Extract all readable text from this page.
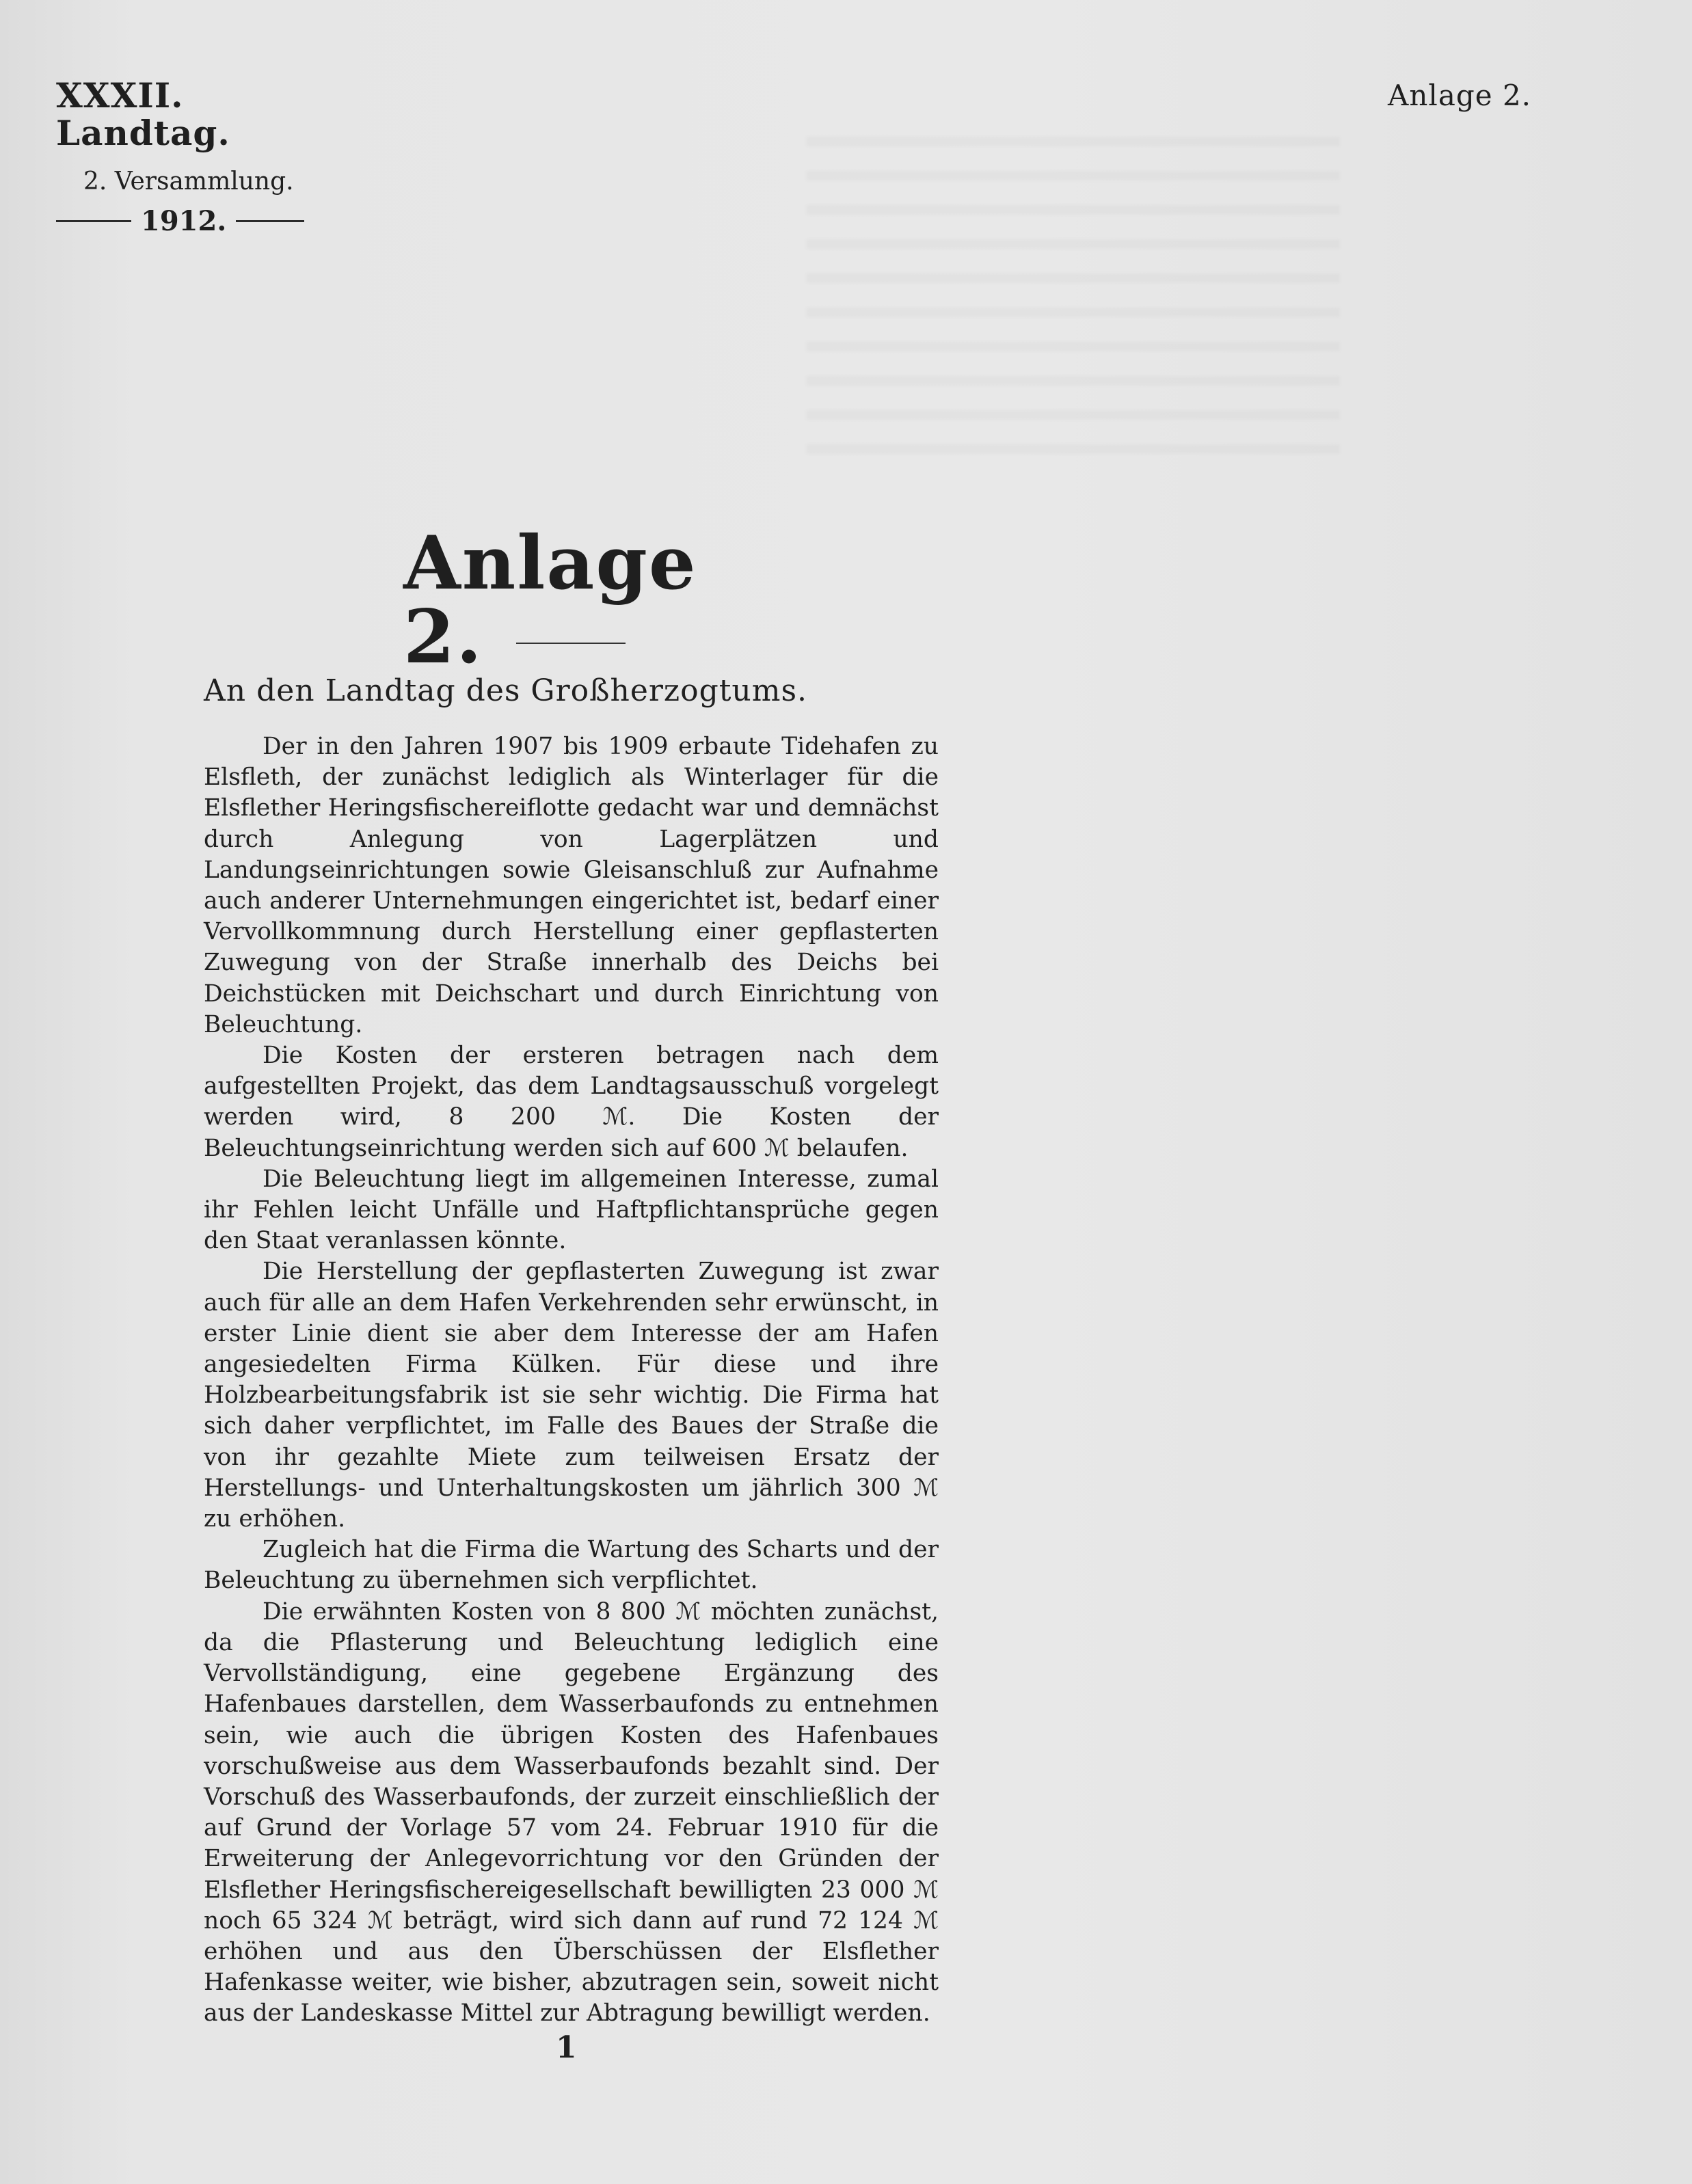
XXXII. Landtag.
2. Versammlung.
1912.
Anlage 2.
Anlage 2.
An den Landtag des Großherzogtums.

Der in den Jahren 1907 bis 1909 erbaute Tidehafen zu Elsfleth, der zunächst lediglich als Winterlager für die Elsflether Heringsfischereiflotte gedacht war und demnächst durch Anlegung von Lagerplätzen und Landungseinrichtungen sowie Gleisanschluß zur Aufnahme auch anderer Unternehmungen eingerichtet ist, bedarf einer Vervollkommnung durch Herstellung einer gepflasterten Zuwegung von der Straße innerhalb des Deichs bei Deichstücken mit Deichschart und durch Einrichtung von Beleuchtung.

Die Kosten der ersteren betragen nach dem aufgestellten Projekt, das dem Landtagsausschuß vorgelegt werden wird, 8 200 ℳ. Die Kosten der Beleuchtungseinrichtung werden sich auf 600 ℳ belaufen.

Die Beleuchtung liegt im allgemeinen Interesse, zumal ihr Fehlen leicht Unfälle und Haftpflichtansprüche gegen den Staat veranlassen könnte.

Die Herstellung der gepflasterten Zuwegung ist zwar auch für alle an dem Hafen Verkehrenden sehr erwünscht, in erster Linie dient sie aber dem Interesse der am Hafen angesiedelten Firma Külken. Für diese und ihre Holzbearbeitungsfabrik ist sie sehr wichtig. Die Firma hat sich daher verpflichtet, im Falle des Baues der Straße die von ihr gezahlte Miete zum teilweisen Ersatz der Herstellungs- und Unterhaltungskosten um jährlich 300 ℳ zu erhöhen.

Zugleich hat die Firma die Wartung des Scharts und der Beleuchtung zu übernehmen sich verpflichtet.

Die erwähnten Kosten von 8 800 ℳ möchten zunächst, da die Pflasterung und Beleuchtung lediglich eine Vervollständigung, eine gegebene Ergänzung des Hafenbaues darstellen, dem Wasserbaufonds zu entnehmen sein, wie auch die übrigen Kosten des Hafenbaues vorschußweise aus dem Wasserbaufonds bezahlt sind. Der Vorschuß des Wasserbaufonds, der zurzeit einschließlich der auf Grund der Vorlage 57 vom 24. Februar 1910 für die Erweiterung der Anlegevorrichtung vor den Gründen der Elsflether Heringsfischereigesellschaft bewilligten 23 000 ℳ noch 65 324 ℳ beträgt, wird sich dann auf rund 72 124 ℳ erhöhen und aus den Überschüssen der Elsflether Hafenkasse weiter, wie bisher, abzutragen sein, soweit nicht aus der Landeskasse Mittel zur Abtragung bewilligt werden.

1
